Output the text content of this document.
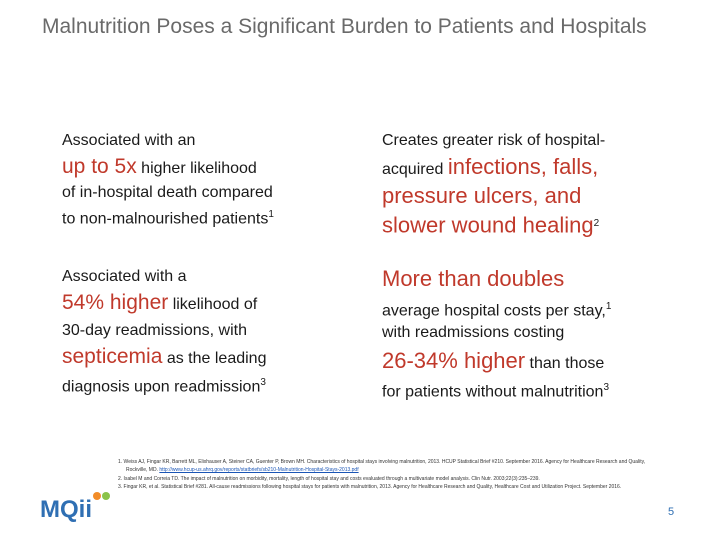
Malnutrition Poses a Significant Burden to Patients and Hospitals
Associated with an
up to 5x higher likelihood
of in-hospital death compared
to non-malnourished patients$^1$
Creates greater risk of hospital-
acquired infections, falls,
pressure ulcers, and
slower wound healing$^2$
Associated with a
54% higher likelihood of
30-day readmissions, with
septicemia as the leading
diagnosis upon readmission$^3$
More than doubles
average hospital costs per stay,$^1$
with readmissions costing
26-34% higher than those
for patients without malnutrition$^3$
1. Weiss AJ, Fingar KR, Barrett ML, Elixhauser A, Steiner CA, Guenter P, Brown MH. Characteristics of hospital stays involving malnutrition, 2013. HCUP Statistical Brief #210. September 2016. Agency for Healthcare Research and Quality, Rockville, MD. http://www.hcup-us.ahrq.gov/reports/statbriefs/sb210-Malnutrition-Hospital-Stays-2013.pdf
2. Isabel M and Correia TD. The impact of malnutrition on morbidity, mortality, length of hospital stay and costs evaluated through a multivariate model analysis. Clin Nutr. 2003;22(3):235–239.
3. Fingar KR, et al. Statistical Brief #281. All-cause readmissions following hospital stays for patients with malnutrition, 2013. Agency for Healthcare Research and Quality, Healthcare Cost and Utilization Project. September 2016.
MQii	5
